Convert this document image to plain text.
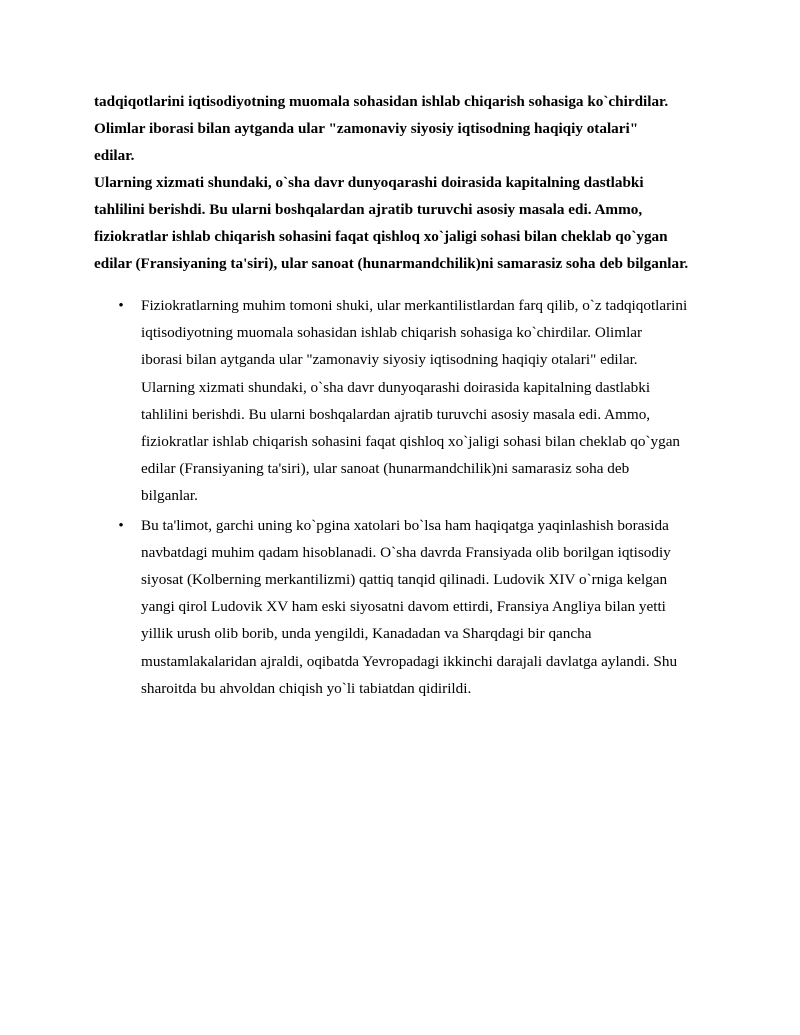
tadqiqotlarini iqtisodiyotning muomala sohasidan ishlab chiqarish sohasiga ko`chirdilar.

Olimlar iborasi bilan aytganda ular "zamonaviy siyosiy iqtisodning haqiqiy otalari"

edilar.

Ularning xizmati shundaki, o`sha davr dunyoqarashi doirasida kapitalning dastlabki

tahlilini berishdi. Bu ularni boshqalardan ajratib turuvchi asosiy masala edi. Ammo,

fiziokratlar ishlab chiqarish sohasini faqat qishloq xo`jaligi sohasi bilan cheklab qo`ygan

edilar (Fransiyaning ta'siri), ular sanoat (hunarmandchilik)ni samarasiz soha deb bilganlar.

• Fiziokratlarning muhim tomoni shuki, ular merkantilistlardan farq qilib, o`z tadqiqotlarini

iqtisodiyotning muomala sohasidan ishlab chiqarish sohasiga ko`chirdilar. Olimlar

iborasi bilan aytganda ular "zamonaviy siyosiy iqtisodning haqiqiy otalari" edilar.

Ularning xizmati shundaki, o`sha davr dunyoqarashi doirasida kapitalning dastlabki

tahlilini berishdi. Bu ularni boshqalardan ajratib turuvchi asosiy masala edi. Ammo,

fiziokratlar ishlab chiqarish sohasini faqat qishloq xo`jaligi sohasi bilan cheklab qo`ygan

edilar (Fransiyaning ta'siri), ular sanoat (hunarmandchilik)ni samarasiz soha deb

bilganlar.

• Bu ta'limot, garchi uning ko`pgina xatolari bo`lsa ham haqiqatga yaqinlashish borasida

navbatdagi muhim qadam hisoblanadi. O`sha davrda Fransiyada olib borilgan iqtisodiy

siyosat (Kolberning merkantilizmi) qattiq tanqid qilinadi. Ludovik XIV o`rniga kelgan

yangi qirol Ludovik XV ham eski siyosatni davom ettirdi, Fransiya Angliya bilan yetti

yillik urush olib borib, unda yengildi, Kanadadan va Sharqdagi bir qancha

mustamlakalaridan ajraldi, oqibatda Yevropadagi ikkinchi darajali davlatga aylandi. Shu

sharoitda bu ahvoldan chiqish yo`li tabiatdan qidirildi.
